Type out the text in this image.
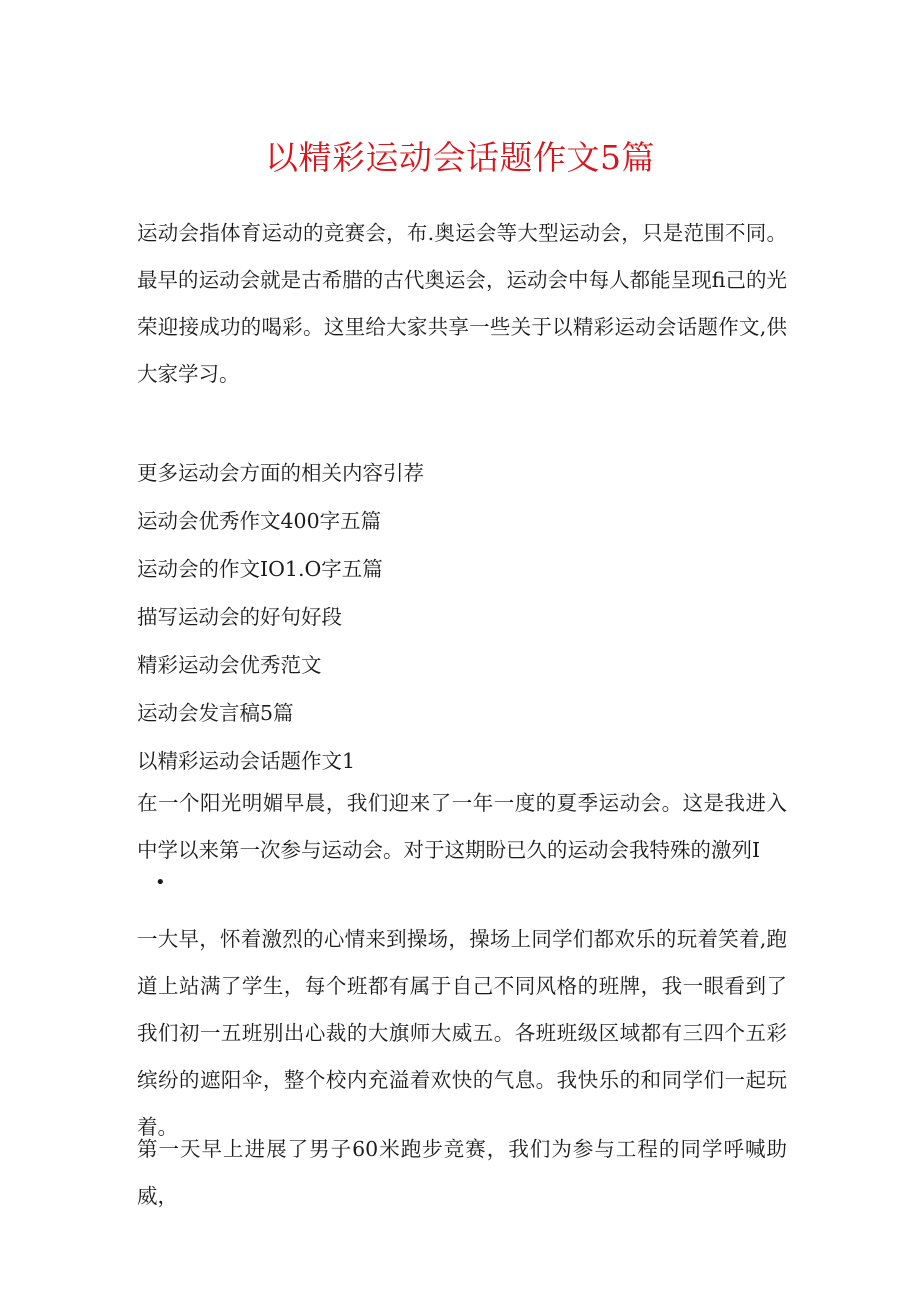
以精彩运动会话题作文5篇

运动会指体育运动的竞赛会，布.奥运会等大型运动会，只是范围不同。最早的运动会就是古希腊的古代奥运会，运动会中每人都能呈现fi己的光荣迎接成功的喝彩。这里给大家共享一些关于以精彩运动会话题作文,供大家学习。

更多运动会方面的相关内容引荐

运动会优秀作文400字五篇
运动会的作文IO1.O字五篇
描写运动会的好句好段
精彩运动会优秀范文
运动会发言稿5篇

以精彩运动会话题作文1

在一个阳光明媚早晨，我们迎来了一年一度的夏季运动会。这是我进入中学以来第一次参与运动会。对于这期盼已久的运动会我特殊的激列I

•

一大早，怀着激烈的心情来到操场，操场上同学们都欢乐的玩着笑着,跑道上站满了学生，每个班都有属于自己不同风格的班牌，我一眼看到了我们初一五班别出心裁的大旗师大威五。各班班级区域都有三四个五彩缤纷的遮阳伞，整个校内充溢着欢快的气息。我快乐的和同学们一起玩着。

第一天早上进展了男子60米跑步竞赛，我们为参与工程的同学呼喊助威，
